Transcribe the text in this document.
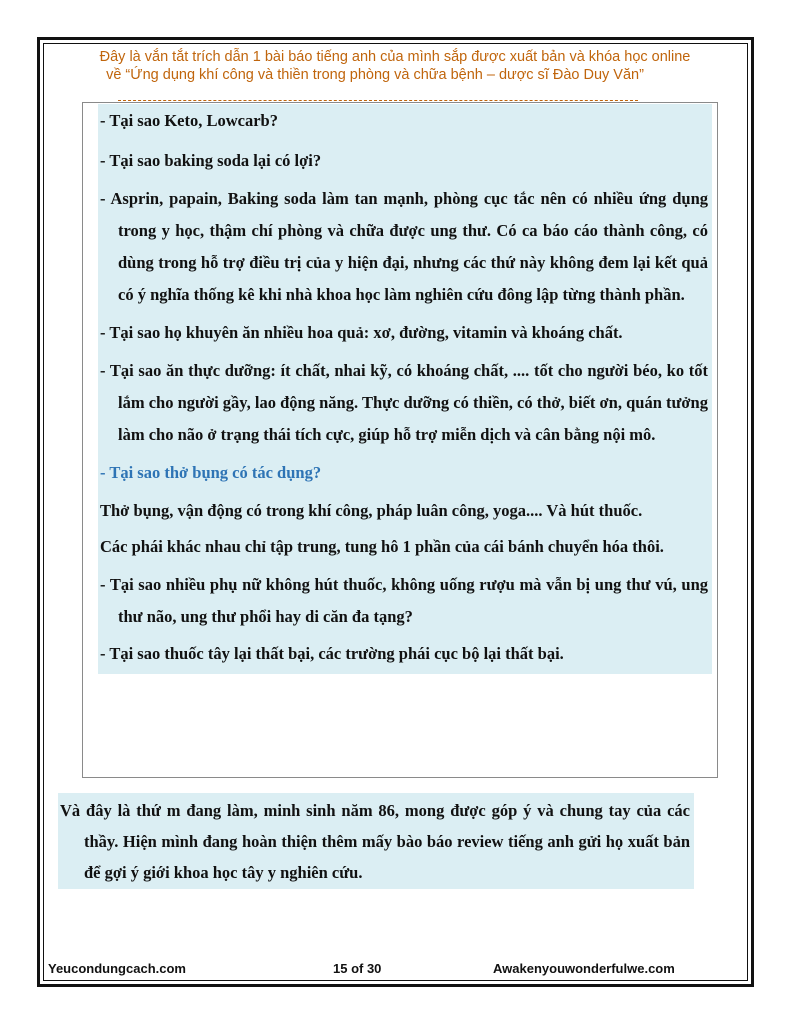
Đây là vắn tắt trích dẫn 1 bài báo tiếng anh của mình sắp được xuất bản và khóa học online
về “Ứng dụng khí công và thiền trong phòng và chữa bệnh – dược sĩ Đào Duy Văn”
- Tại sao Keto, Lowcarb?
- Tại sao baking soda lại có lợi?
- Asprin, papain, Baking soda làm tan mạnh, phòng cục tắc nên có nhiều ứng dụng trong y học, thậm chí phòng và chữa được ung thư. Có ca báo cáo thành công, có dùng trong hỗ trợ điều trị của y hiện đại, nhưng các thứ này không đem lại kết quả có ý nghĩa thống kê khi nhà khoa học làm nghiên cứu đông lập từng thành phần.
- Tại sao họ khuyên ăn nhiều hoa quả: xơ, đường, vitamin và khoáng chất.
- Tại sao ăn thực dưỡng: ít chất, nhai kỹ, có khoáng chất, .... tốt cho người béo, ko tốt lắm cho người gầy, lao động năng. Thực dưỡng có thiền, có thở, biết ơn, quán tưởng làm cho não ở trạng thái tích cực, giúp hỗ trợ miễn dịch và cân bằng nội mô.
- Tại sao thở bụng có tác dụng?
Thở bụng, vận động có trong khí công, pháp luân công, yoga.... Và hút thuốc.
Các phái khác nhau chỉ tập trung, tung hô 1 phần của cái bánh chuyển hóa thôi.
- Tại sao nhiều phụ nữ không hút thuốc, không uống rượu mà vẫn bị ung thư vú, ung thư não, ung thư phổi hay di căn đa tạng?
- Tại sao thuốc tây lại thất bại, các trường phái cục bộ lại thất bại.
Và đây là thứ m đang làm, minh sinh năm 86, mong được góp ý và chung tay của các thầy. Hiện mình đang hoàn thiện thêm mấy bào báo review tiếng anh gửi họ xuất bản để gợi ý giới khoa học tây y nghiên cứu.
Yeucondungcach.com	15 of 30	Awakenyouwonderfulwe.com
